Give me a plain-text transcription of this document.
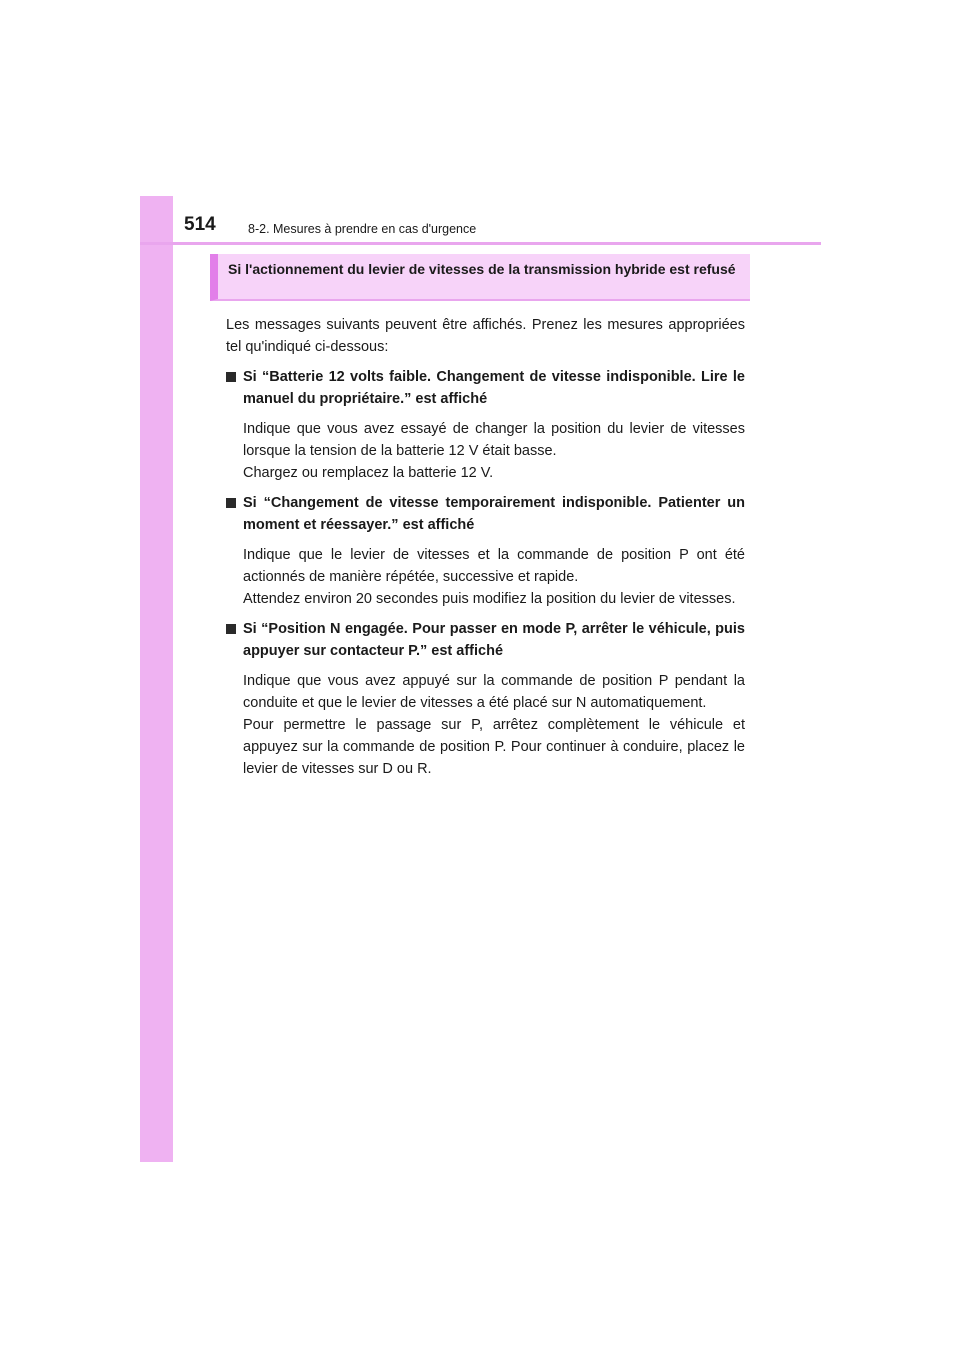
514	8-2. Mesures à prendre en cas d'urgence
Si l'actionnement du levier de vitesses de la transmission hybride est refusé

Les messages suivants peuvent être affichés. Prenez les mesures appropriées tel qu'indiqué ci-dessous:

Si “Batterie 12 volts faible. Changement de vitesse indisponible. Lire le manuel du propriétaire.” est affiché

Indique que vous avez essayé de changer la position du levier de vitesses lorsque la tension de la batterie 12 V était basse.

Chargez ou remplacez la batterie 12 V.

Si “Changement de vitesse temporairement indisponible. Patienter un moment et réessayer.” est affiché

Indique que le levier de vitesses et la commande de position P ont été actionnés de manière répétée, successive et rapide.

Attendez environ 20 secondes puis modifiez la position du levier de vitesses.

Si “Position N engagée. Pour passer en mode P, arrêter le véhicule, puis appuyer sur contacteur P.” est affiché

Indique que vous avez appuyé sur la commande de position P pendant la conduite et que le levier de vitesses a été placé sur N automatiquement.

Pour permettre le passage sur P, arrêtez complètement le véhicule et appuyez sur la commande de position P. Pour continuer à conduire, placez le levier de vitesses sur D ou R.
